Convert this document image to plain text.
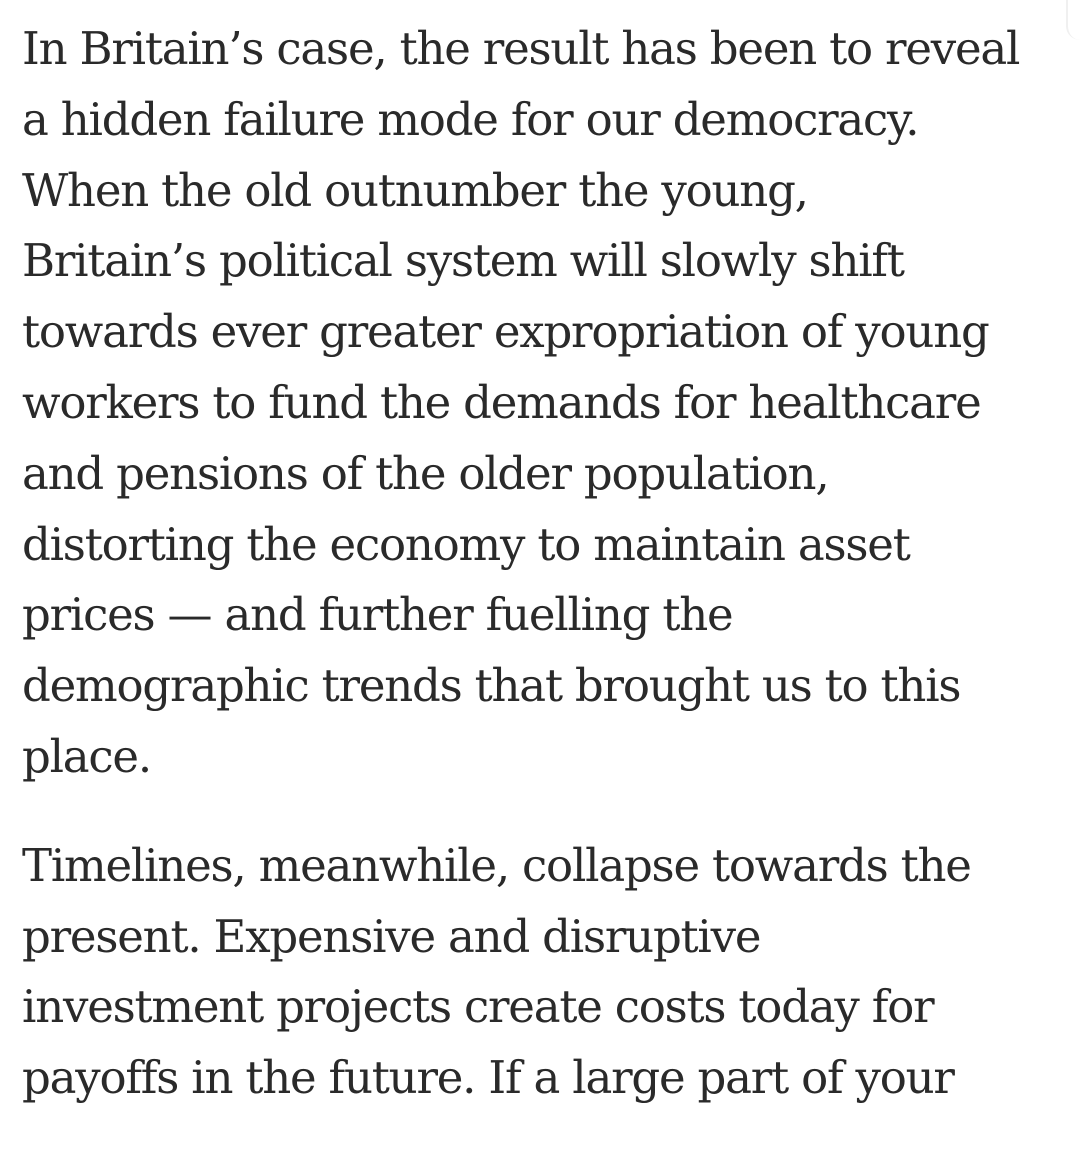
In Britain’s case, the result has been to reveal
a hidden failure mode for our democracy.
When the old outnumber the young,
Britain’s political system will slowly shift
towards ever greater expropriation of young
workers to fund the demands for healthcare
and pensions of the older population,
distorting the economy to maintain asset
prices — and further fuelling the
demographic trends that brought us to this
place.

Timelines, meanwhile, collapse towards the
present. Expensive and disruptive
investment projects create costs today for
payoffs in the future. If a large part of your
